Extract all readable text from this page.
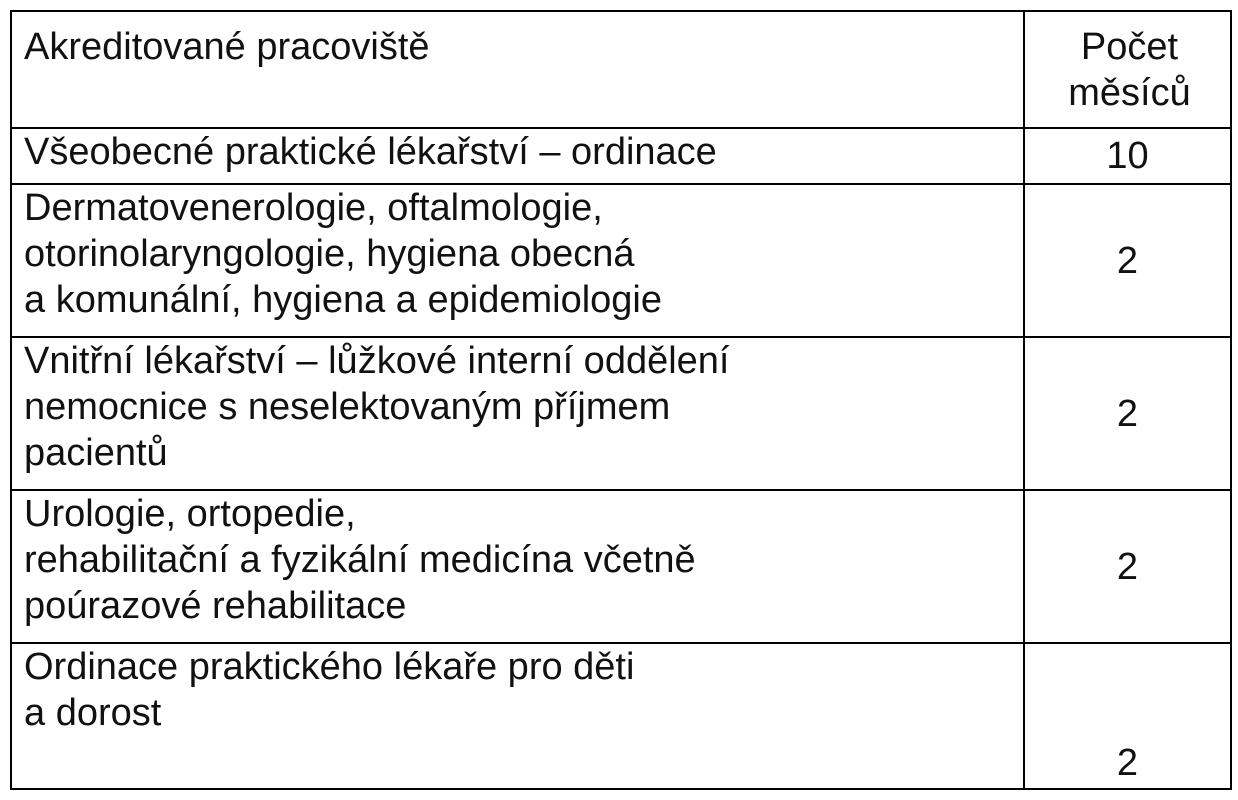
Akreditované pracoviště	Počet
měsíců

Všeobecné praktické lékařství – ordinace	10

Dermatovenerologie, oftalmologie,
otorinolaryngologie, hygiena obecná
a komunální, hygiena a epidemiologie	2

Vnitřní lékařství – lůžkové interní oddělení
nemocnice s neselektovaným příjmem
pacientů	2

Urologie, ortopedie,
rehabilitační a fyzikální medicína včetně
poúrazové rehabilitace	2

Ordinace praktického lékaře pro děti
a dorost	2
